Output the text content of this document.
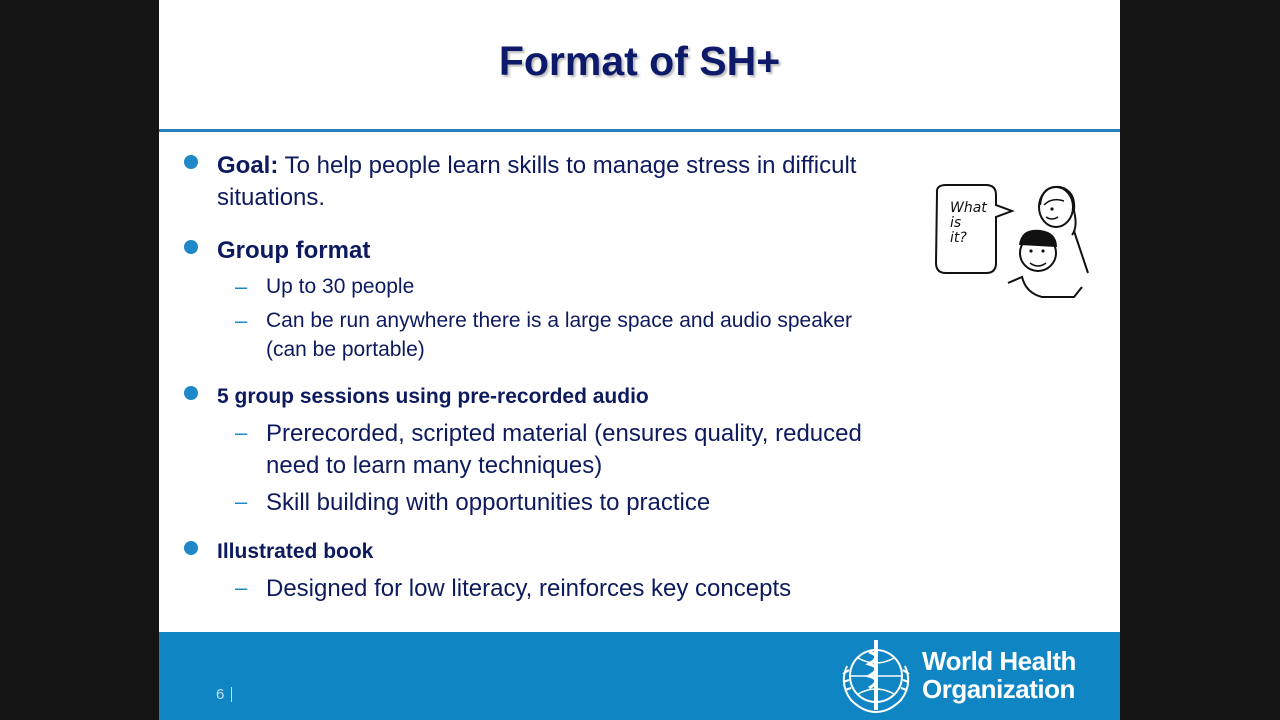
Format of SH+
Goal: To help people learn skills to manage stress in difficult
situations.
Group format
– Up to 30 people
– Can be run anywhere there is a large space and audio speaker
(can be portable)
5 group sessions using pre-recorded audio
– Prerecorded, scripted material (ensures quality, reduced
need to learn many techniques)
– Skill building with opportunities to practice
Illustrated book
– Designed for low literacy, reinforces key concepts
What
is
it?
6
World Health
Organization
